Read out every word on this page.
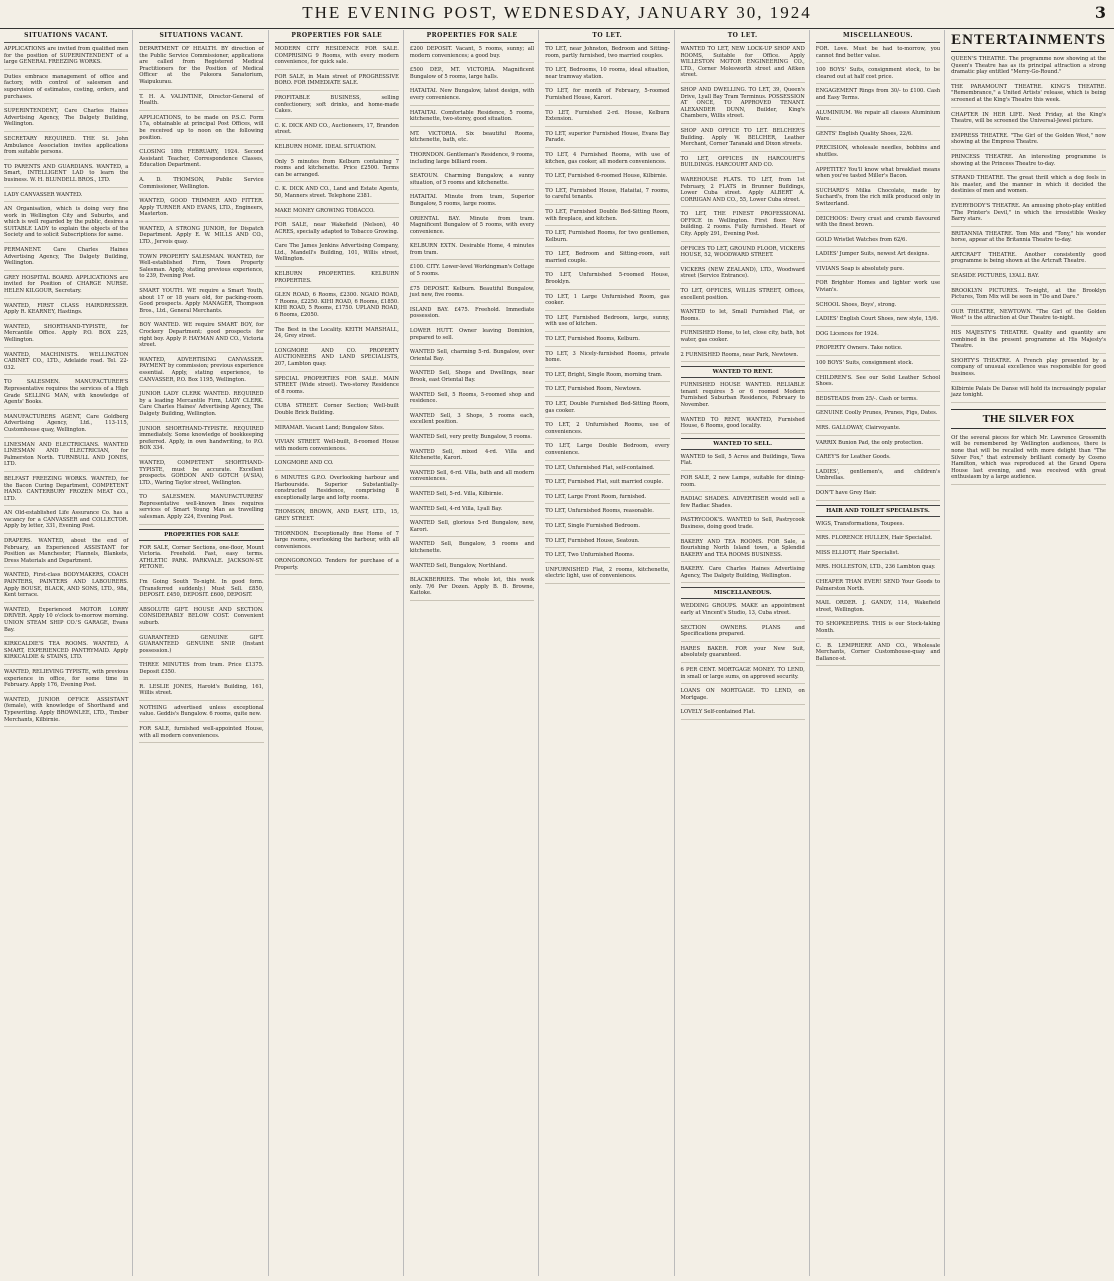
THE EVENING POST, WEDNESDAY, JANUARY 30, 1924	3
SITUATIONS VACANT.
APPLICATIONS are invited from qualified men for the position of SUPERINTENDENT of a large GENERAL FREEZING WORKS.
Duties embrace management of office and factory, with control of salesmen and supervision of estimates, costing, orders, and purchases.
SUPERINTENDENT, Care Charles Haines Advertising Agency, The Dalgety Building, Wellington.
SECRETARY REQUIRED. THE St. John Ambulance Association invites applications from suitable persons.
TO PARENTS AND GUARDIANS. WANTED, a Smart, INTELLIGENT LAD to learn the business. W. H. BLUNDELL BROS., LTD.
LADY CANVASSER WANTED.
AN Organisation, which is doing very fine work in Wellington City and Suburbs, and which is well regarded by the public, desires a SUITABLE LADY to explain the objects of the Society and to solicit Subscriptions for same.
PERMANENT. Care Charles Haines Advertising Agency, The Dalgety Building, Wellington.
GREY HOSPITAL BOARD. APPLICATIONS are invited for Position of CHARGE NURSE. HELEN KILGOUR, Secretary.
WANTED, FIRST CLASS HAIRDRESSER. Apply R. KEARNEY, Hastings.
WANTED, SHORTHAND-TYPISTE, for Mercantile Office. Apply P.O. BOX 225, Wellington.
WANTED, MACHINISTS. WELLINGTON CABINET CO., LTD., Adelaide road. Tel. 22-032.
TO SALESMEN. MANUFACTURER'S Representative requires the services of a High Grade SELLING MAN, with knowledge of Agents' Books.
MANUFACTURERS AGENT, Care Goldberg Advertising Agency, Ltd., 113-115, Customhouse quay, Wellington.
LINESMAN AND ELECTRICIANS. WANTED LINESMAN AND ELECTRICIAN, for Palmerston North. TURNBULL AND JONES, LTD.
BELFAST FREEZING WORKS. WANTED, for the Bacon Curing Department, COMPETENT HAND. CANTERBURY FROZEN MEAT CO., LTD.
AN Old-established Life Assurance Co. has a vacancy for a CANVASSER and COLLECTOR. Apply by letter, 331, Evening Post.
DRAPERS. WANTED, about the end of February, an Experienced ASSISTANT for Position as Manchester, Flannels, Blankets, Dress Materials and Department.
WANTED, First-class BODYMAKERS, COACH PAINTERS, PAINTERS AND LABOURERS. Apply BOUSE, BLACK, AND SONS, LTD., 98a, Kent terrace.
WANTED, Experienced MOTOR LORRY DRIVER. Apply 10 o'clock to-morrow morning. UNION STEAM SHIP CO.'S GARAGE, Evans Bay.
KIRKCALDIE'S TEA ROOMS. WANTED, A SMART, EXPERIENCED PANTRYMAID. Apply KIRKCALDIE & STAINS, LTD.
WANTED, RELIEVING TYPISTE, with previous experience in office, for some time in February. Apply 176, Evening Post.
WANTED, JUNIOR OFFICE ASSISTANT (female), with knowledge of Shorthand and Typewriting. Apply BROWNLEE, LTD., Timber Merchants, Kilbirnie.
SITUATIONS VACANT.
DEPARTMENT OF HEALTH. BY direction of the Public Service Commissioner, applications are called from Registered Medical Practitioners for the Position of Medical Officer at the Pukeora Sanatorium, Waipukurau.
T. H. A. VALINTINE, Director-General of Health.
APPLICATIONS, to be made on P.S.C. Form 17a, obtainable at principal Post Offices, will be received up to noon on the following position.
CLOSING 18th FEBRUARY, 1924. Second Assistant Teacher, Correspondence Classes, Education Department.
A. D. THOMSON, Public Service Commissioner, Wellington.
WANTED, GOOD TRIMMER AND FITTER. Apply TURNER AND EVANS, LTD., Engineers, Masterton.
WANTED, A STRONG JUNIOR, for Dispatch Department. Apply E. W. MILLS AND CO., LTD., Jervois quay.
TOWN PROPERTY SALESMAN. WANTED, for Well-established Firm, Town Property Salesman. Apply, stating previous experience, to 239, Evening Post.
SMART YOUTH. WE require a Smart Youth, about 17 or 18 years old, for packing-room. Good prospects. Apply MANAGER, Thompson Bros., Ltd., General Merchants.
BOY WANTED. WE require SMART BOY, for Crockery Department; good prospects for right boy. Apply P. HAYMAN AND CO., Victoria street.
WANTED, ADVERTISING CANVASSER. PAYMENT by commission; previous experience essential. Apply, stating experience, to CANVASSER, P.O. Box 1195, Wellington.
JUNIOR LADY CLERK WANTED. REQUIRED by a leading Mercantile Firm, LADY CLERK. Care Charles Haines' Advertising Agency, The Dalgety Building, Wellington.
JUNIOR SHORTHAND-TYPISTE. REQUIRED immediately. Some knowledge of bookkeeping preferred. Apply, in own handwriting, to P.O. BOX 334.
WANTED, COMPETENT SHORTHAND-TYPISTE, must be accurate. Excellent prospects. GORDON AND GOTCH (A'SIA), LTD., Waring Taylor street, Wellington.
TO SALESMEN. MANUFACTURERS' Representative well-known lines requires services of Smart Young Man as travelling salesman. Apply 224, Evening Post.
PROPERTIES FOR SALE
FOR SALE, Corner Sections, one-floor, Mount Victoria. Freehold. Fast, easy terms. ATHLETIC PARK. PARKVALE. JACKSON-ST. PETONE.
I'm Going South To-night. In good form. (Transferred suddenly.) Must Sell. £850, DEPOSIT. £450, DEPOSIT. £600, DEPOSIT.
ABSOLUTE GIFT. HOUSE AND SECTION. CONSIDERABLY BELOW COST. Convenient suburb.
GUARANTEED GENUINE GIFT. GUARANTEED GENUINE SNIP. (Instant possession.)
THREE MINUTES from tram. Price £1375. Deposit £350.
R. LESLIE JONES, Harold's Building, 161, Willis street.
NOTHING advertised unless exceptional value. Geddis's Bungalow. 6 rooms, quite new.
FOR SALE, furnished well-appointed House, with all modern conveniences.
PROPERTIES FOR SALE
MODERN CITY RESIDENCE FOR SALE. COMPRISING 9 Rooms, with every modern convenience, for quick sale.
FOR SALE, in Main street of PROGRESSIVE BORO. FOR IMMEDIATE SALE.
PROFITABLE BUSINESS, selling confectionery, soft drinks, and home-made Cakes.
C. K. DICK AND CO., Auctioneers, 17, Brandon street.
KELBURN HOME. IDEAL SITUATION.
Only 5 minutes from Kelburn containing 7 rooms and kitchenette. Price £2500. Terms can be arranged.
C. K. DICK AND CO., Land and Estate Agents, 50, Manners street. Telephone 2381.
MAKE MONEY GROWING TOBACCO.
FOR SALE, near Wakefield (Nelson), 40 ACRES, specially adapted to Tobacco Growing.
Care The James Jenkins Advertising Company, Ltd., Mandell's Building, 101, Willis street, Wellington.
KELBURN PROPERTIES. KELBURN PROPERTIES.
GLEN ROAD, 6 Rooms, £2300. NGAIO ROAD, 7 Rooms, £2250. KIHI ROAD, 6 Rooms, £1850. KIHI ROAD, 5 Rooms, £1750. UPLAND ROAD, 6 Rooms, £2050.
The Best in the Locality. KEITH MARSHALL, 24, Grey street.
LONGMORE AND CO. PROPERTY AUCTIONEERS AND LAND SPECIALISTS, 207, Lambton quay.
SPECIAL PROPERTIES FOR SALE. MAIN STREET (Wide street). Two-storey Residence of 8 rooms.
CUBA STREET. Corner Section; Well-built Double Brick Building.
MIRAMAR. Vacant Land; Bungalow Sites.
VIVIAN STREET. Well-built, 8-roomed House with modern conveniences.
LONGMORE AND CO.
6 MINUTES G.P.O. Overlooking harbour and Harbourside. Superior Substantially-constructed Residence, comprising 8 exceptionally large and lofty rooms.
THOMSON, BROWN, AND EAST, LTD., 15, GREY STREET.
THORNDON. Exceptionally fine Home of 7 large rooms, overlooking the harbour, with all conveniences.
ORONGORONGO. Tenders for purchase of a Property.
PROPERTIES FOR SALE
£200 DEPOSIT. Vacant, 5 rooms, sunny; all modern conveniences; a good buy.
£500 DEP., MT. VICTORIA. Magnificent Bungalow of 5 rooms, large halls.
HATAITAI. New Bungalow, latest design, with every convenience.
HATAITAI. Comfortable Residence, 5 rooms, kitchenette, two-storey, good situation.
MT. VICTORIA. Six beautiful Rooms, kitchenette, bath, etc.
THORNDON. Gentleman's Residence, 9 rooms, including large billiard room.
SEATOUN. Charming Bungalow, a sunny situation, of 5 rooms and kitchenette.
HATAITAI. Minute from tram, Superior Bungalow, 5 rooms, large rooms.
ORIENTAL BAY. Minute from tram. Magnificent Bungalow of 5 rooms, with every convenience.
KELBURN EXTN. Desirable Home, 4 minutes from tram.
£100. CITY. Lower-level Workingman's Cottage of 5 rooms.
£75 DEPOSIT. Kelburn. Beautiful Bungalow, just new, five rooms.
ISLAND BAY. £475. Freehold. Immediate possession.
LOWER HUTT. Owner leaving Dominion, prepared to sell.
WANTED Sell, charming 5-rd. Bungalow, over Oriental Bay.
WANTED Sell, Shops and Dwellings, near Brook, east Oriental Bay.
WANTED Sell, 5 Rooms, 5-roomed shop and residence.
WANTED Sell, 3 Shops, 5 rooms each, excellent position.
WANTED Sell, very pretty Bungalow, 5 rooms.
WANTED Sell, mixed 4-rd. Villa and Kitchenette, Karori.
WANTED Sell, 6-rd. Villa, bath and all modern conveniences.
WANTED Sell, 5-rd. Villa, Kilbirnie.
WANTED Sell, 4-rd Villa, Lyall Bay.
WANTED Sell, glorious 5-rd Bungalow, new, Karori.
WANTED Sell, Bungalow, 5 rooms and kitchenette.
WANTED Sell, Bungalow, Northland.
BLACKBERRIES. The whole lot, this week only. 7/6 Per Dozen. Apply B. B. Browne, Kaitoke.
TO LET.
TO LET, near Johnston, Bedroom and Sitting-room, partly furnished, two married couples.
TO LET, Bedrooms, 10 rooms, ideal situation, near tramway station.
TO LET, for month of February, 5-roomed Furnished House, Karori.
TO LET, Furnished 2-rd. House, Kelburn Extension.
TO LET, superior Furnished House, Evans Bay Parade.
TO LET, 4 Furnished Rooms, with use of kitchen, gas cooker, all modern conveniences.
TO LET, Furnished 6-roomed House, Kilbirnie.
TO LET, Furnished House, Hataitai, 7 rooms, to careful tenants.
TO LET, Furnished Double Bed-Sitting Room, with fireplace, and kitchen.
TO LET, Furnished Rooms, for two gentlemen, Kelburn.
TO LET, Bedroom and Sitting-room, suit married couple.
TO LET, Unfurnished 5-roomed House, Brooklyn.
TO LET, 1 Large Unfurnished Room, gas cooker.
TO LET, Furnished Bedroom, large, sunny, with use of kitchen.
TO LET, Furnished Rooms, Kelburn.
TO LET, 3 Nicely-furnished Rooms, private home.
TO LET, Bright, Single Room, morning tram.
TO LET, Furnished Room, Newtown.
TO LET, Double Furnished Bed-Sitting Room, gas cooker.
TO LET, 2 Unfurnished Rooms, use of conveniences.
TO LET, Large Double Bedroom, every convenience.
TO LET, Unfurnished Flat, self-contained.
TO LET, Furnished Flat, suit married couple.
TO LET, Large Front Room, furnished.
TO LET, Unfurnished Rooms, reasonable.
TO LET, Single Furnished Bedroom.
TO LET, Furnished House, Seatoun.
TO LET, Two Unfurnished Rooms.
UNFURNISHED Flat, 2 rooms, kitchenette, electric light, use of conveniences.
TO LET.
WANTED TO LET, NEW LOCK-UP SHOP AND ROOMS, Suitable for Office. Apply WILLESTON MOTOR ENGINEERING CO., LTD., Corner Molesworth street and Aitken street.
SHOP AND DWELLING. TO LET, 39, Queen's Drive, Lyall Bay Tram Terminus. POSSESSION AT ONCE, TO APPROVED TENANT. ALEXANDER DUNN, Builder, King's Chambers, Willis street.
SHOP AND OFFICE TO LET. BELCHER'S Building. Apply W. BELCHER, Leather Merchant, Corner Taranaki and Dixon streets.
TO LET, OFFICES IN HARCOURT'S BUILDINGS. HARCOURT AND CO.
WAREHOUSE FLATS. TO LET, from 1st February, 2 FLATS in Brunner Buildings, Lower Cuba street. Apply ALBERT A. CORRIGAN AND CO., 55, Lower Cuba street.
TO LET, THE FINEST PROFESSIONAL OFFICE in Wellington. First floor. New building. 2 rooms. Fully furnished. Heart of City. Apply 291, Evening Post.
OFFICES TO LET, GROUND FLOOR, VICKERS HOUSE, 52, WOODWARD STREET.
VICKERS (NEW ZEALAND), LTD., Woodward street (Service Entrance).
TO LET, OFFICES, WILLIS STREET, Offices, excellent position.
WANTED to let, Small Furnished Flat, or Rooms.
FURNISHED Home, to let, close city, bath, hot water, gas cooker.
2 FURNISHED Rooms, near Park, Newtown.
WANTED TO RENT.
FURNISHED HOUSE WANTED. RELIABLE tenant requires 5 or 6 roomed Modern Furnished Suburban Residence, February to November.
WANTED TO RENT, WANTED, Furnished House, 6 Rooms, good locality.
WANTED TO SELL.
WANTED to Sell, 5 Acres and Buildings, Tawa Flat.
FOR SALE, 2 new Lamps, suitable for dining-room.
RADIAC SHADES. ADVERTISER would sell a few Radiac Shades.
PASTRYCOOK'S. WANTED to Sell, Pastrycook Business, doing good trade.
BAKERY AND TEA ROOMS. FOR Sale, a flourishing North Island town, a Splendid BAKERY and TEA ROOMS BUSINESS.
BAKERY. Care Charles Haines Advertising Agency, The Dalgety Building, Wellington.
MISCELLANEOUS.
WEDDING GROUPS. MAKE an appointment early at Vincent's Studio, 13, Cuba street.
SECTION OWNERS. PLANS and Specifications prepared.
HARES BAKER. FOR your New Suit, absolutely guaranteed.
6 PER CENT. MORTGAGE MONEY. TO LEND, in small or large sums, on approved security.
LOANS ON MORTGAGE. TO LEND, on Mortgage.
LOVELY Self-contained Flat.
MISCELLANEOUS.
FOR. Love. Must be had to-morrow, you cannot find better value.
100 BOYS' Suits, consignment stock, to be cleared out at half cost price.
ENGAGEMENT Rings from 30/- to £100. Cash and Easy Terms.
ALUMINIUM. We repair all classes Aluminium Ware.
GENTS' English Quality Shoes, 22/6.
PRECISION, wholesale needles, bobbins and shuttles.
APPETITE? You'll know what breakfast means when you've tasted Miller's Bacon.
SUCHARD'S Milka Chocolate, made by Suchard's, from the rich milk produced only in Switzerland.
DEICHOOS: Every crust and crumb flavoured with the finest brown.
GOLD Wristlet Watches from 62/6.
LADIES' Jumper Suits, newest Art designs.
VIVIANS Soap is absolutely pure.
FOR Brighter Homes and lighter work use Vivian's.
SCHOOL Shoes, Boys', strong.
LADIES' English Court Shoes, new style, 15/6.
DOG Licences for 1924.
PROPERTY Owners. Take notice.
100 BOYS' Suits, consignment stock.
CHILDREN'S. See our Solid Leather School Shoes.
BEDSTEADS from 25/-. Cash or terms.
GENUINE Coolly Prunes, Prunes, Figs, Dates.
MRS. GALLOWAY, Clairvoyante.
VARRIX Bunion Pad, the only protection.
CAREY'S for Leather Goods.
LADIES', gentlemen's, and children's Umbrellas.
DON'T have Grey Hair.
HAIR AND TOILET SPECIALISTS.
WIGS, Transformations, Toupees.
MRS. FLORENCE HULLEN, Hair Specialist.
MISS ELLIOTT, Hair Specialist.
MRS. HOLLESTON, LTD., 236 Lambton quay.
CHEAPER THAN EVER! SEND Your Goods to Palmerston North.
MAIL ORDER. J. GANDY, 114, Wakefield street, Wellington.
TO SHOPKEEPERS. THIS is our Stock-taking Month.
C. B. LEMPRIERE AND CO., Wholesale Merchants, Corner Customhouse-quay and Ballance-st.
ENTERTAINMENTS
QUEEN'S THEATRE. The programme now showing at the Queen's Theatre has as its principal attraction a strong dramatic play entitled "Merry-Go-Round."
THE PARAMOUNT THEATRE. KING'S THEATRE. "Remembrance," a United Artists' release, which is being screened at the King's Theatre this week.
CHAPTER IN HER LIFE. Next Friday, at the King's Theatre, will be screened the Universal-Jewel picture.
EMPRESS THEATRE. "The Girl of the Golden West," now showing at the Empress Theatre.
PRINCESS THEATRE. An interesting programme is showing at the Princess Theatre to-day.
STRAND THEATRE. The great thrill which a dog feels in his master, and the manner in which it decided the destinies of men and women.
EVERYBODY'S THEATRE. An amusing photo-play entitled "The Printer's Devil," in which the irresistible Wesley Barry stars.
BRITANNIA THEATRE. Tom Mix and "Tony," his wonder horse, appear at the Britannia Theatre to-day.
ARTCRAFT THEATRE. Another consistently good programme is being shown at the Artcraft Theatre.
SEASIDE PICTURES, LYALL BAY.
BROOKLYN PICTURES. To-night, at the Brooklyn Pictures, Tom Mix will be seen in "Do and Dare."
OUR THEATRE, NEWTOWN. "The Girl of the Golden West" is the attraction at Our Theatre to-night.
HIS MAJESTY'S THEATRE. Quality and quantity are combined in the present programme at His Majesty's Theatre.
SHORTY'S THEATRE. A French play presented by a company of unusual excellence was responsible for good business.
Kilbirnie Palais De Danse will hold its increasingly popular jazz tonight.
THE SILVER FOX
Of the several pieces for which Mr. Lawrence Grossmith will be remembered by Wellington audiences, there is none that will be recalled with more delight than "The Silver Fox," that extremely brilliant comedy by Cosmo Hamilton, which was reproduced at the Grand Opera House last evening, and was received with great enthusiasm by a large audience.
